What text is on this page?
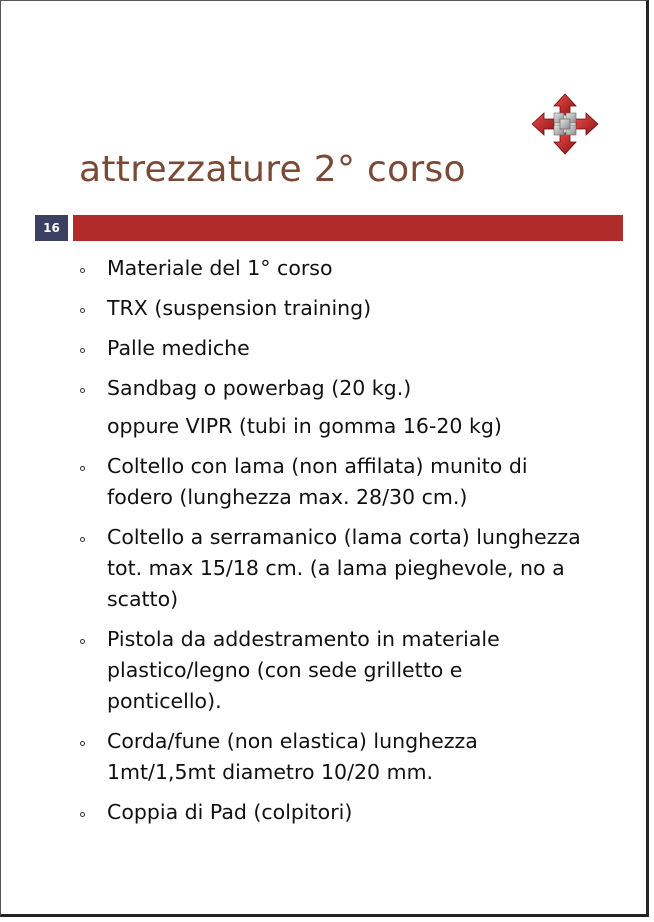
attrezzature 2° corso
16
Materiale del 1° corso
TRX (suspension training)
Palle mediche
Sandbag o powerbag (20 kg.)
oppure VIPR (tubi in gomma 16-20 kg)
Coltello con lama (non affilata) munito di
fodero (lunghezza max. 28/30 cm.)
Coltello a serramanico (lama corta) lunghezza
tot. max 15/18 cm. (a lama pieghevole, no a
scatto)
Pistola da addestramento in materiale
plastico/legno (con sede grilletto e
ponticello).
Corda/fune (non elastica) lunghezza
1mt/1,5mt diametro 10/20 mm.
Coppia di Pad (colpitori)
